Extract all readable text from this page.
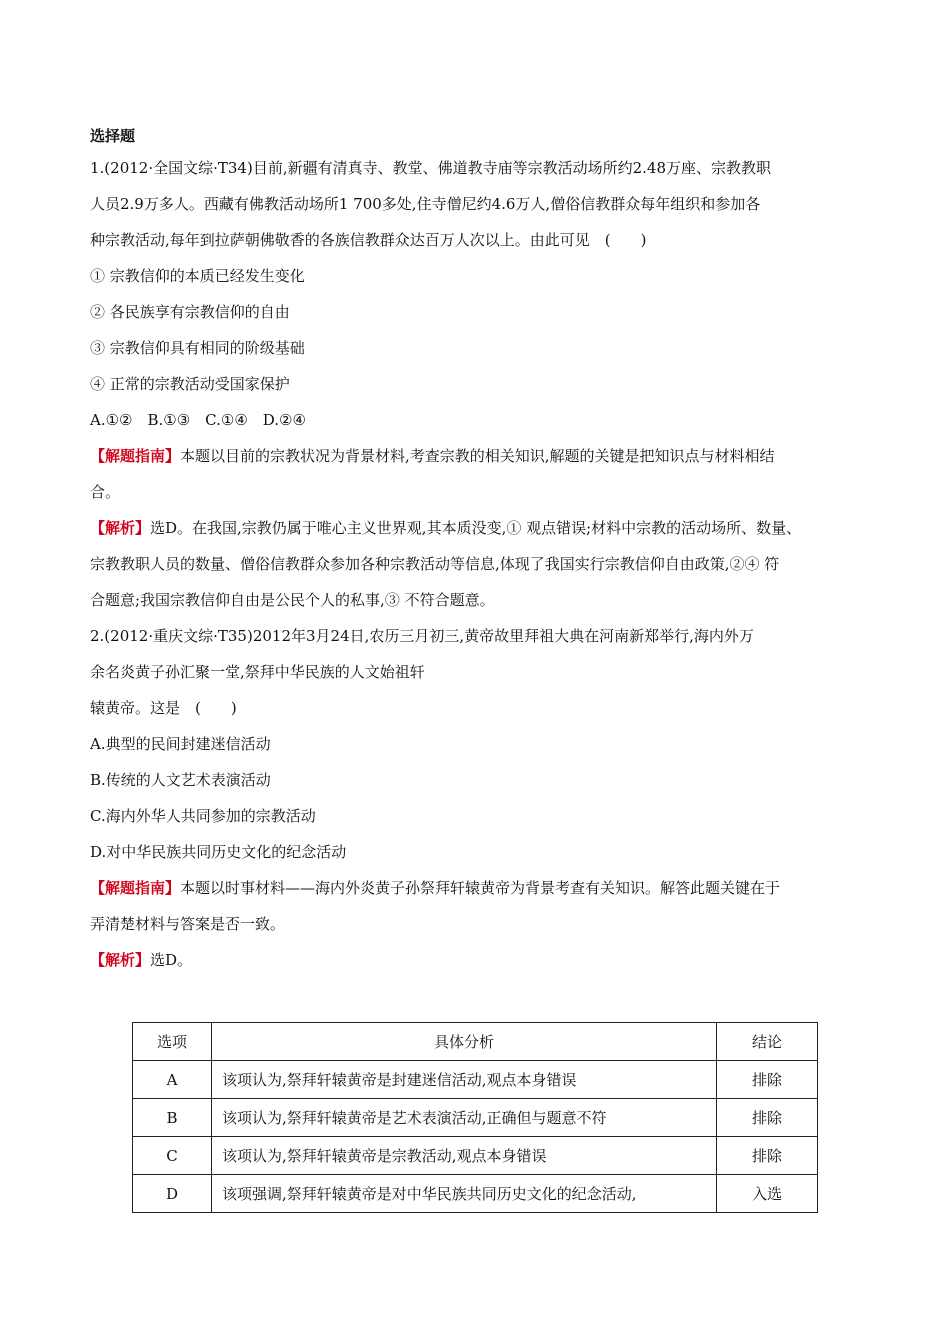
选择题
1.(2012·全国文综·T34)目前,新疆有清真寺、教堂、佛道教寺庙等宗教活动场所约2.48万座、宗教教职
人员2.9万多人。西藏有佛教活动场所1 700多处,住寺僧尼约4.6万人,僧俗信教群众每年组织和参加各
种宗教活动,每年到拉萨朝佛敬香的各族信教群众达百万人次以上。由此可见　(　　)
① 宗教信仰的本质已经发生变化
② 各民族享有宗教信仰的自由
③ 宗教信仰具有相同的阶级基础
④ 正常的宗教活动受国家保护
A.①②　B.①③　C.①④　D.②④
【解题指南】本题以目前的宗教状况为背景材料,考查宗教的相关知识,解题的关键是把知识点与材料相结
合。
【解析】选D。在我国,宗教仍属于唯心主义世界观,其本质没变,① 观点错误;材料中宗教的活动场所、数量、
宗教教职人员的数量、僧俗信教群众参加各种宗教活动等信息,体现了我国实行宗教信仰自由政策,②④ 符
合题意;我国宗教信仰自由是公民个人的私事,③ 不符合题意。
2.(2012·重庆文综·T35)2012年3月24日,农历三月初三,黄帝故里拜祖大典在河南新郑举行,海内外万
余名炎黄子孙汇聚一堂,祭拜中华民族的人文始祖轩
辕黄帝。这是　(　　)
A.典型的民间封建迷信活动
B.传统的人文艺术表演活动
C.海内外华人共同参加的宗教活动
D.对中华民族共同历史文化的纪念活动
【解题指南】本题以时事材料——海内外炎黄子孙祭拜轩辕黄帝为背景考查有关知识。解答此题关键在于
弄清楚材料与答案是否一致。
【解析】选D。
选项	具体分析	结论
A	该项认为,祭拜轩辕黄帝是封建迷信活动,观点本身错误	排除
B	该项认为,祭拜轩辕黄帝是艺术表演活动,正确但与题意不符	排除
C	该项认为,祭拜轩辕黄帝是宗教活动,观点本身错误	排除
D	该项强调,祭拜轩辕黄帝是对中华民族共同历史文化的纪念活动,	入选
